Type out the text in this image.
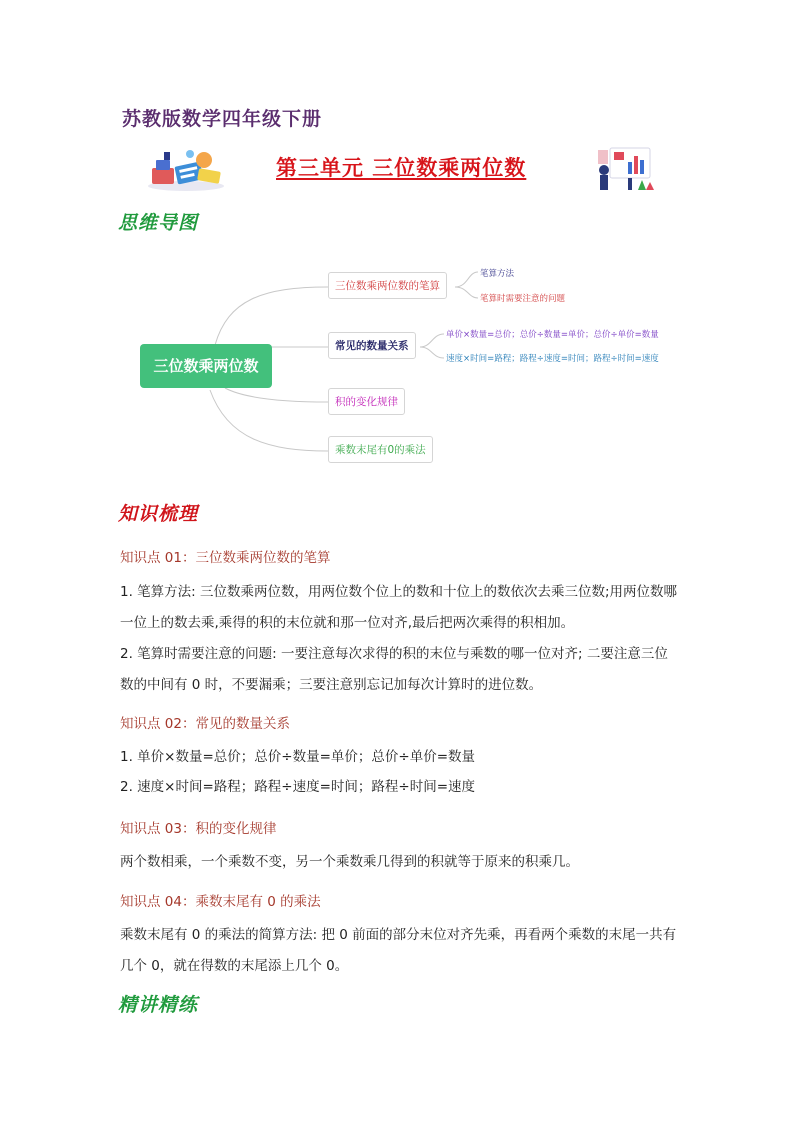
苏教版数学四年级下册
第三单元 三位数乘两位数
思维导图
三位数乘两位数
三位数乘两位数的笔算
常见的数量关系
积的变化规律
乘数末尾有0的乘法
笔算方法
笔算时需要注意的问题
单价×数量=总价；总价÷数量=单价；总价÷单价=数量
速度×时间=路程；路程÷速度=时间；路程÷时间=速度
知识梳理
知识点 01：三位数乘两位数的笔算
1. 笔算方法: 三位数乘两位数，用两位数个位上的数和十位上的数依次去乘三位数;用两位数哪一位上的数去乘,乘得的积的末位就和那一位对齐,最后把两次乘得的积相加。
2. 笔算时需要注意的问题: 一要注意每次求得的积的末位与乘数的哪一位对齐; 二要注意三位数的中间有 0 时，不要漏乘；三要注意别忘记加每次计算时的进位数。
知识点 02：常见的数量关系
1. 单价×数量=总价；总价÷数量=单价；总价÷单价=数量
2. 速度×时间=路程；路程÷速度=时间；路程÷时间=速度
知识点 03：积的变化规律
两个数相乘，一个乘数不变，另一个乘数乘几得到的积就等于原来的积乘几。
知识点 04：乘数末尾有 0 的乘法
乘数末尾有 0 的乘法的简算方法: 把 0 前面的部分末位对齐先乘，再看两个乘数的末尾一共有几个 0，就在得数的末尾添上几个 0。
精讲精练
